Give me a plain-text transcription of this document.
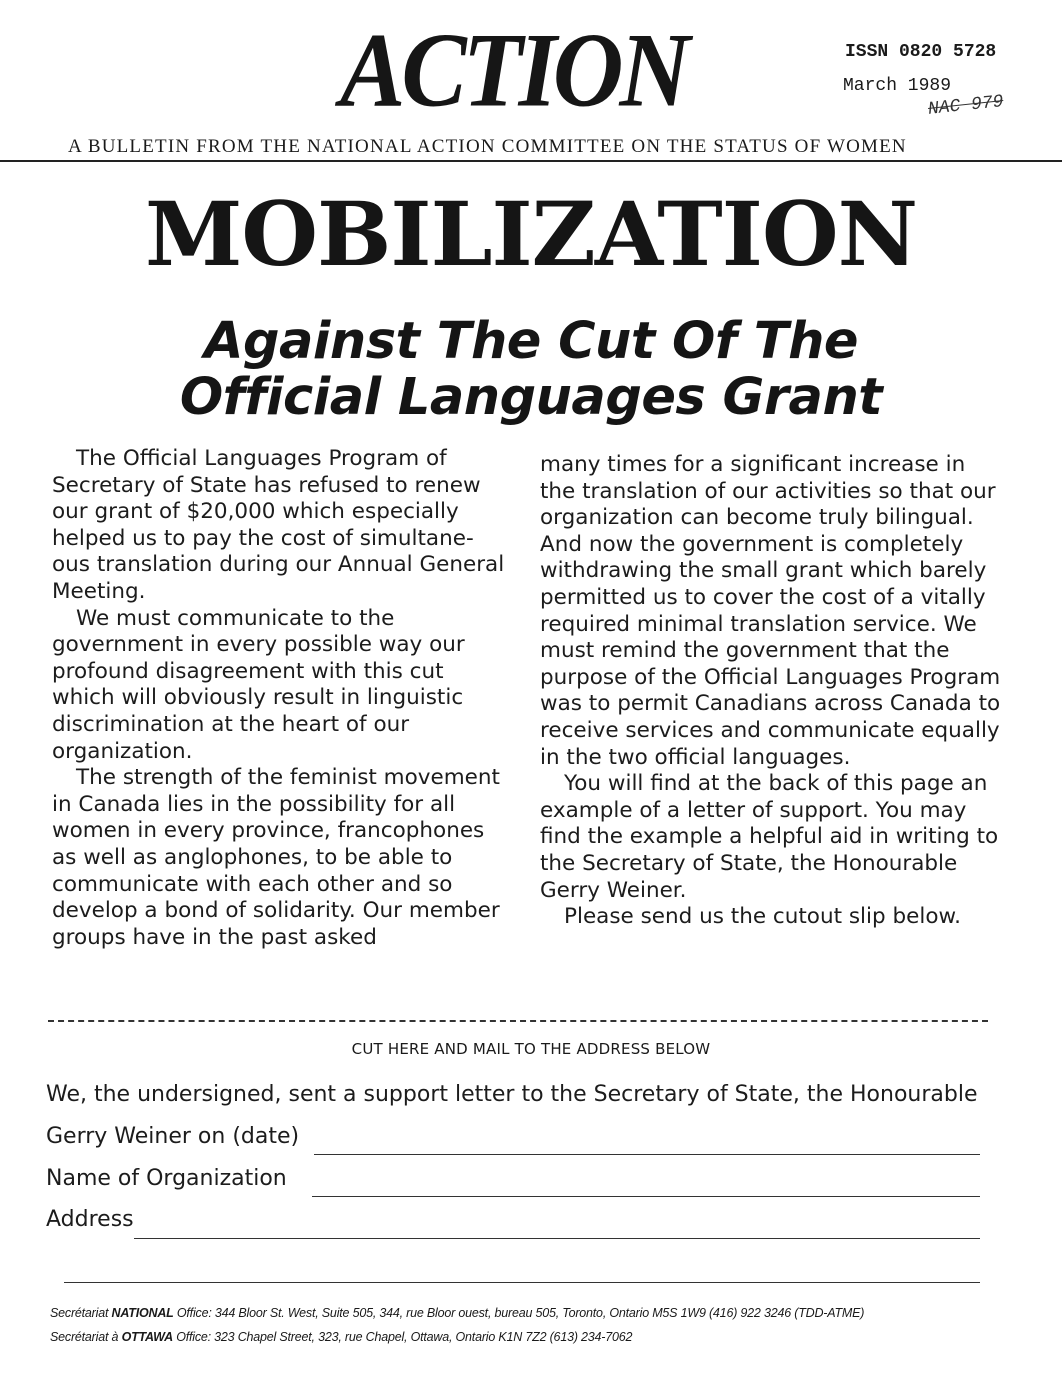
ACTION	ISSN 0820 5728
March 1989
NAC 979
A BULLETIN FROM THE NATIONAL ACTION COMMITTEE ON THE STATUS OF WOMEN
MOBILIZATION
Against The Cut Of The
Official Languages Grant

The Official Languages Program of Secretary of State has refused to renew our grant of $20,000 which especially helped us to pay the cost of simultane-ous translation during our Annual General Meeting.

We must communicate to the government in every possible way our profound disagreement with this cut which will obviously result in linguistic discrimination at the heart of our organization.

The strength of the feminist movement in Canada lies in the possibility for all women in every province, francophones as well as anglophones, to be able to communicate with each other and so develop a bond of solidarity. Our member groups have in the past asked

many times for a significant increase in the translation of our activities so that our organization can become truly bilingual. And now the government is completely withdrawing the small grant which barely permitted us to cover the cost of a vitally required minimal translation service. We must remind the government that the purpose of the Official Languages Program was to permit Canadians across Canada to receive services and communicate equally in the two official languages.

You will find at the back of this page an example of a letter of support. You may find the example a helpful aid in writing to the Secretary of State, the Honourable Gerry Weiner.

Please send us the cutout slip below.

CUT HERE AND MAIL TO THE ADDRESS BELOW
We, the undersigned, sent a support letter to the Secretary of State, the Honourable
Gerry Weiner on (date)
Name of Organization
Address
Secrétariat NATIONAL Office: 344 Bloor St. West, Suite 505, 344, rue Bloor ouest, bureau 505, Toronto, Ontario M5S 1W9 (416) 922 3246 (TDD-ATME)
Secrétariat à OTTAWA Office: 323 Chapel Street, 323, rue Chapel, Ottawa, Ontario K1N 7Z2 (613) 234-7062
